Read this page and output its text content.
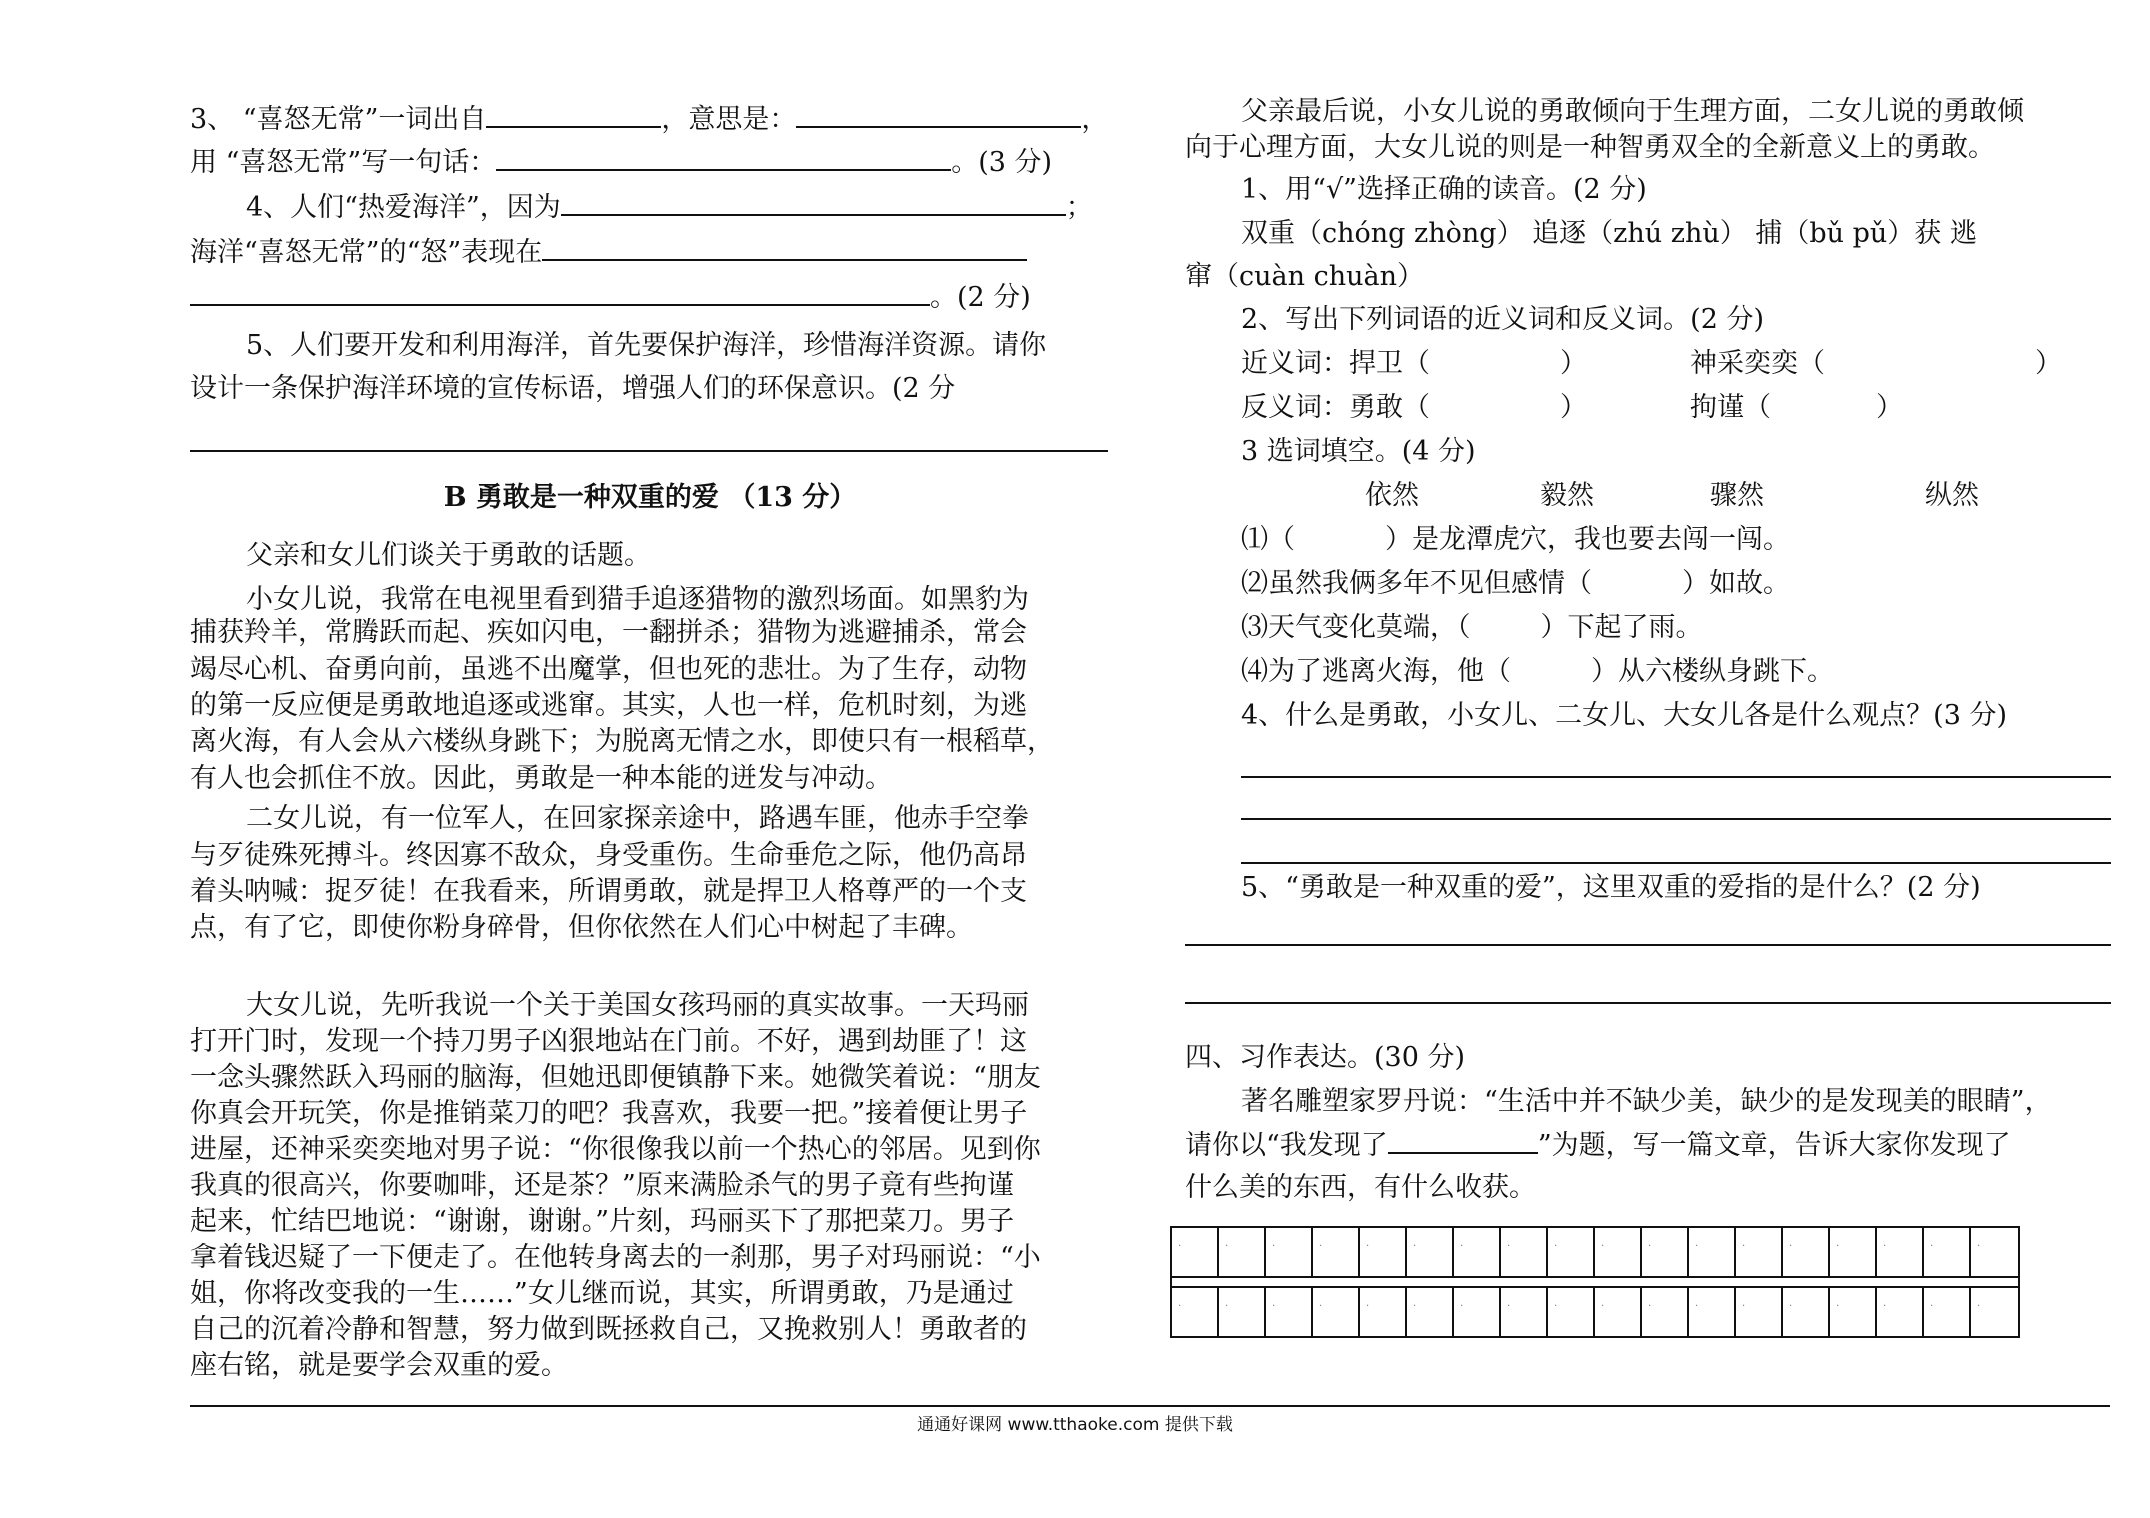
3、 “喜怒无常”一词出自	，意思是：	，
用 “喜怒无常”写一句话：	。(3 分)
4、人们“热爱海洋”，因为	；
海洋“喜怒无常”的“怒”表现在
。(2 分)
5、人们要开发和利用海洋，首先要保护海洋，珍惜海洋资源。请你
设计一条保护海洋环境的宣传标语，增强人们的环保意识。(2 分
B 勇敢是一种双重的爱 （13 分）
父亲和女儿们谈关于勇敢的话题。
小女儿说，我常在电视里看到猎手追逐猎物的激烈场面。如黑豹为
捕获羚羊，常腾跃而起、疾如闪电，一翻拼杀；猎物为逃避捕杀，常会
竭尽心机、奋勇向前，虽逃不出魔掌，但也死的悲壮。为了生存，动物
的第一反应便是勇敢地追逐或逃窜。其实，人也一样，危机时刻，为逃
离火海，有人会从六楼纵身跳下；为脱离无情之水，即使只有一根稻草，
有人也会抓住不放。因此，勇敢是一种本能的迸发与冲动。
二女儿说，有一位军人，在回家探亲途中，路遇车匪，他赤手空拳
与歹徒殊死搏斗。终因寡不敌众，身受重伤。生命垂危之际，他仍高昂
着头呐喊：捉歹徒！在我看来，所谓勇敢，就是捍卫人格尊严的一个支
点，有了它，即使你粉身碎骨，但你依然在人们心中树起了丰碑。
大女儿说，先听我说一个关于美国女孩玛丽的真实故事。一天玛丽
打开门时，发现一个持刀男子凶狠地站在门前。不好，遇到劫匪了！这
一念头骤然跃入玛丽的脑海，但她迅即便镇静下来。她微笑着说：“朋友
你真会开玩笑，你是推销菜刀的吧？我喜欢，我要一把。”接着便让男子
进屋，还神采奕奕地对男子说：“你很像我以前一个热心的邻居。见到你
我真的很高兴，你要咖啡，还是茶？”原来满脸杀气的男子竟有些拘谨
起来，忙结巴地说：“谢谢，谢谢。”片刻，玛丽买下了那把菜刀。男子
拿着钱迟疑了一下便走了。在他转身离去的一刹那，男子对玛丽说：“小
姐，你将改变我的一生……”女儿继而说，其实，所谓勇敢，乃是通过
自己的沉着冷静和智慧，努力做到既拯救自己，又挽救别人！勇敢者的
座右铭，就是要学会双重的爱。
父亲最后说，小女儿说的勇敢倾向于生理方面，二女儿说的勇敢倾
向于心理方面，大女儿说的则是一种智勇双全的全新意义上的勇敢。
1、用“√”选择正确的读音。(2 分)
双重（chóng zhòng） 追逐（zhú zhù） 捕（bǔ pǔ）获 逃
窜（cuàn chuàn）
2、写出下列词语的近义词和反义词。(2 分)
近义词：捍卫（	）	神采奕奕（	）
反义词：勇敢（	）	拘谨（	）
3 选词填空。(4 分)
依然	毅然	骤然	纵然
⑴（	）是龙潭虎穴，我也要去闯一闯。
⑵虽然我俩多年不见但感情（	）如故。
⑶天气变化莫端，（	）下起了雨。
⑷为了逃离火海，他（	）从六楼纵身跳下。
4、什么是勇敢，小女儿、二女儿、大女儿各是什么观点？(3 分)
5、“勇敢是一种双重的爱”，这里双重的爱指的是什么？(2 分)
四、习作表达。(30 分)
著名雕塑家罗丹说：“生活中并不缺少美，缺少的是发现美的眼睛”，
请你以“我发现了	”为题，写一篇文章，告诉大家你发现了
什么美的东西，有什么收获。
.
.
.
.
.
.
.
.
.
.
.
.
.
.
.
.
.
.
.
.
.
.
.
.
.
.
.
.
.
.
.
.
.
.
.
.
通通好课网 www.tthaoke.com 提供下载
